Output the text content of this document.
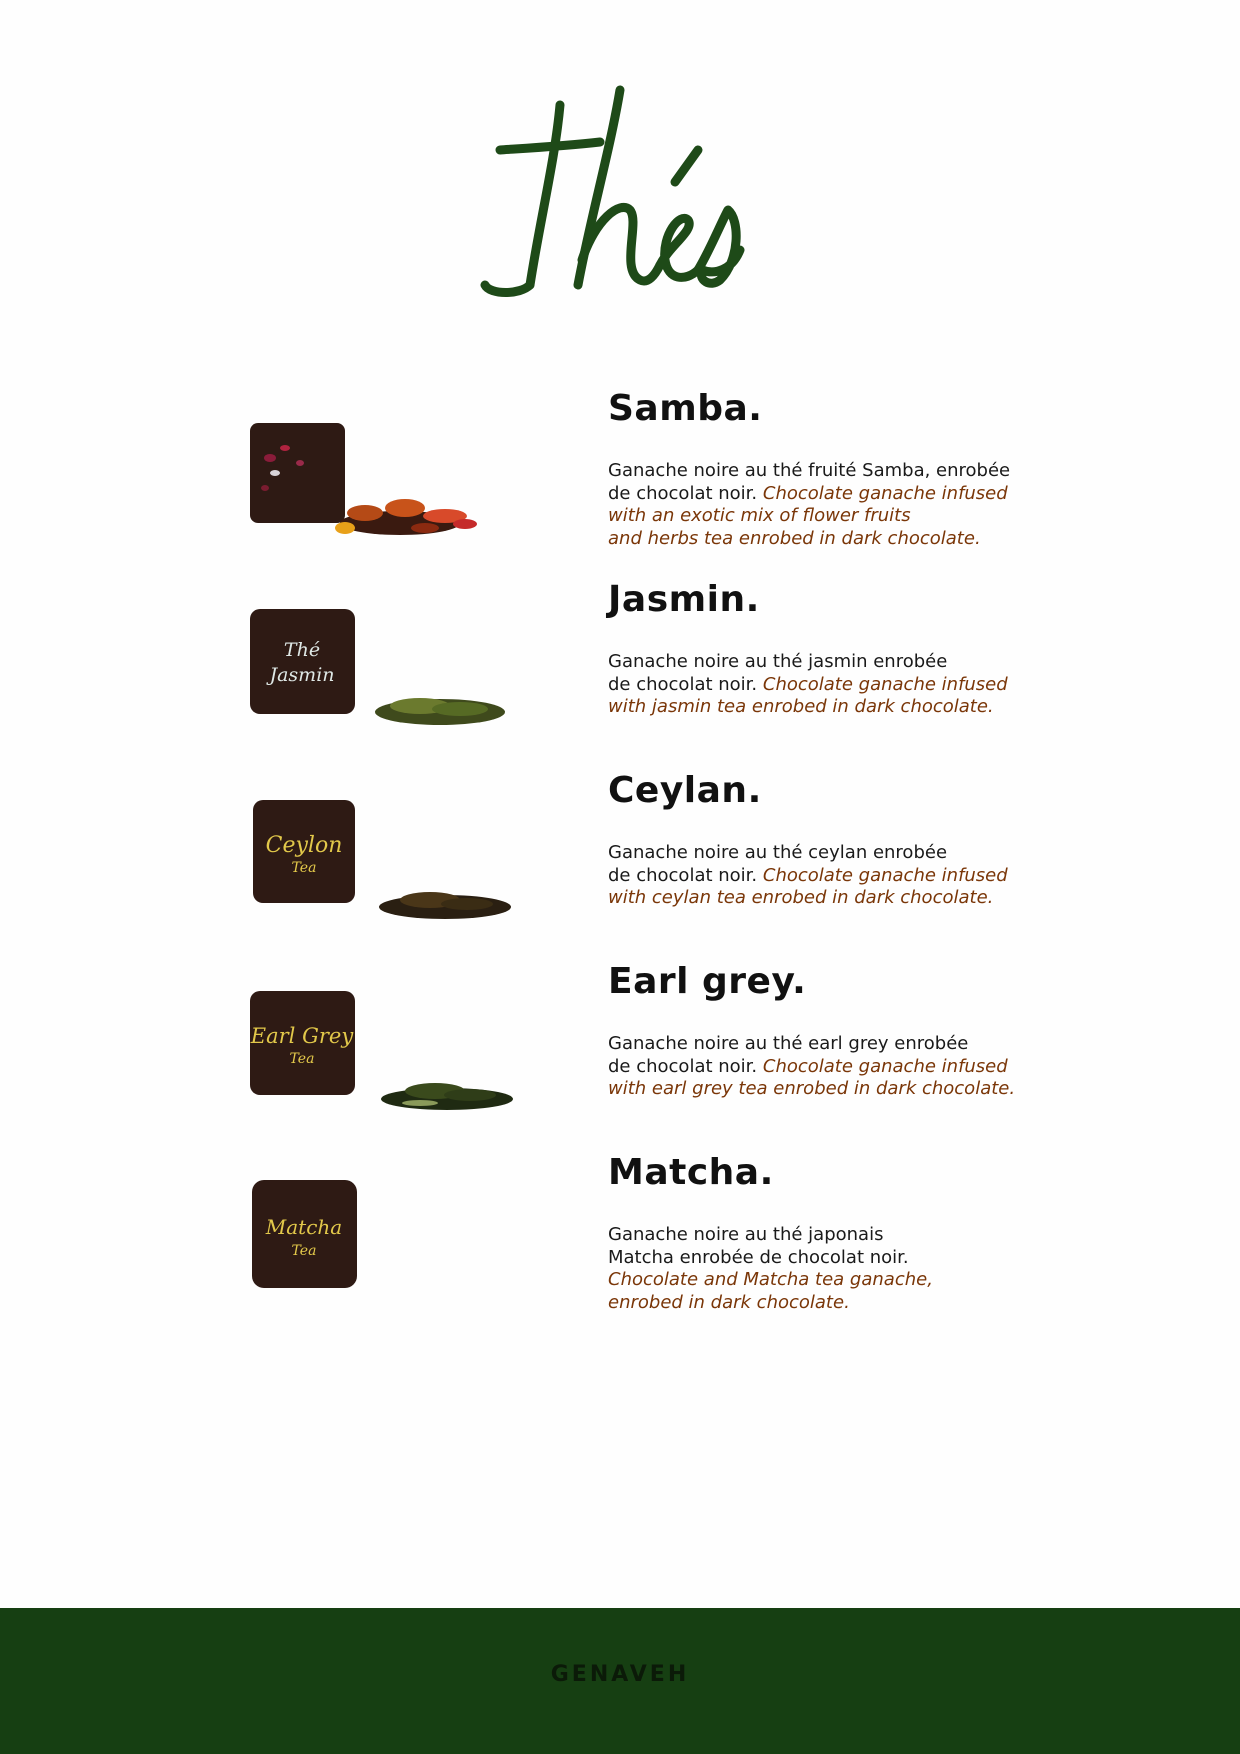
Samba.

Ganache noire au thé fruité Samba, enrobée
de chocolat noir. Chocolate ganache infused
with an exotic mix of flower fruits
and herbs tea enrobed in dark chocolate.

Thé
Jasmin
Jasmin.

Ganache noire au thé jasmin enrobée
de chocolat noir. Chocolate ganache infused
with jasmin tea enrobed in dark chocolate.

Ceylon
Tea
Ceylan.

Ganache noire au thé ceylan enrobée
de chocolat noir. Chocolate ganache infused
with ceylan tea enrobed in dark chocolate.

Earl Grey
Tea
Earl grey.

Ganache noire au thé earl grey enrobée
de chocolat noir. Chocolate ganache infused
with earl grey tea enrobed in dark chocolate.

Matcha
Tea
Matcha.

Ganache noire au thé japonais
Matcha enrobée de chocolat noir.
Chocolate and Matcha tea ganache,
enrobed in dark chocolate.

GENAVEH
